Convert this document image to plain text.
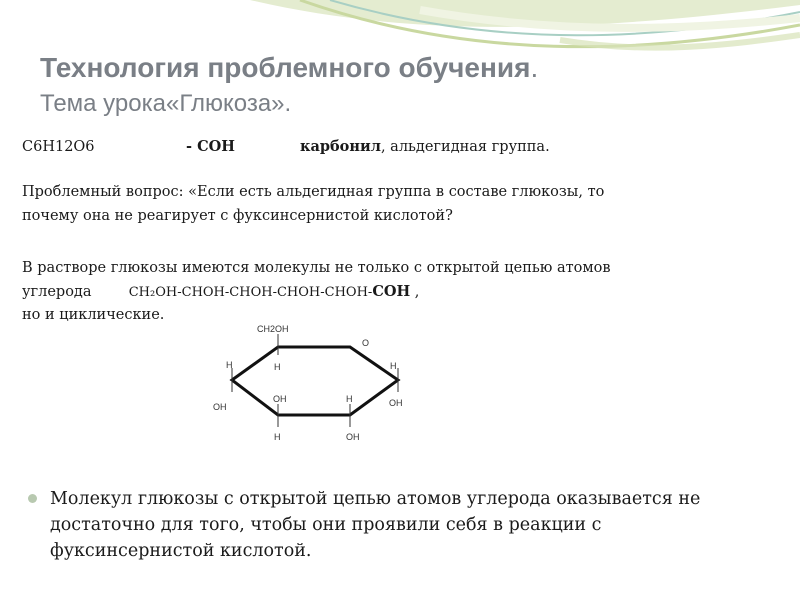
Технология проблемного обучения.
Тема урока«Глюкоза».
C6H12O6	- СОН	карбонил, альдегидная группа.
Проблемный вопрос: «Если есть альдегидная группа в составе глюкозы, то
почему она не реагирует с фуксинсернистой кислотой?
В растворе глюкозы имеются молекулы не только с открытой цепью атомов
углерода	CH₂OH-CHOH-CHOH-CHOH-CHOH-COH ,
но и циклические.
CH2OH
O
H	H	H
OH
OH	H	OH
H	OH
Молекул глюкозы с открытой цепью атомов углерода оказывается не достаточно для того, чтобы они проявили себя в реакции с фуксинсернистой кислотой.
